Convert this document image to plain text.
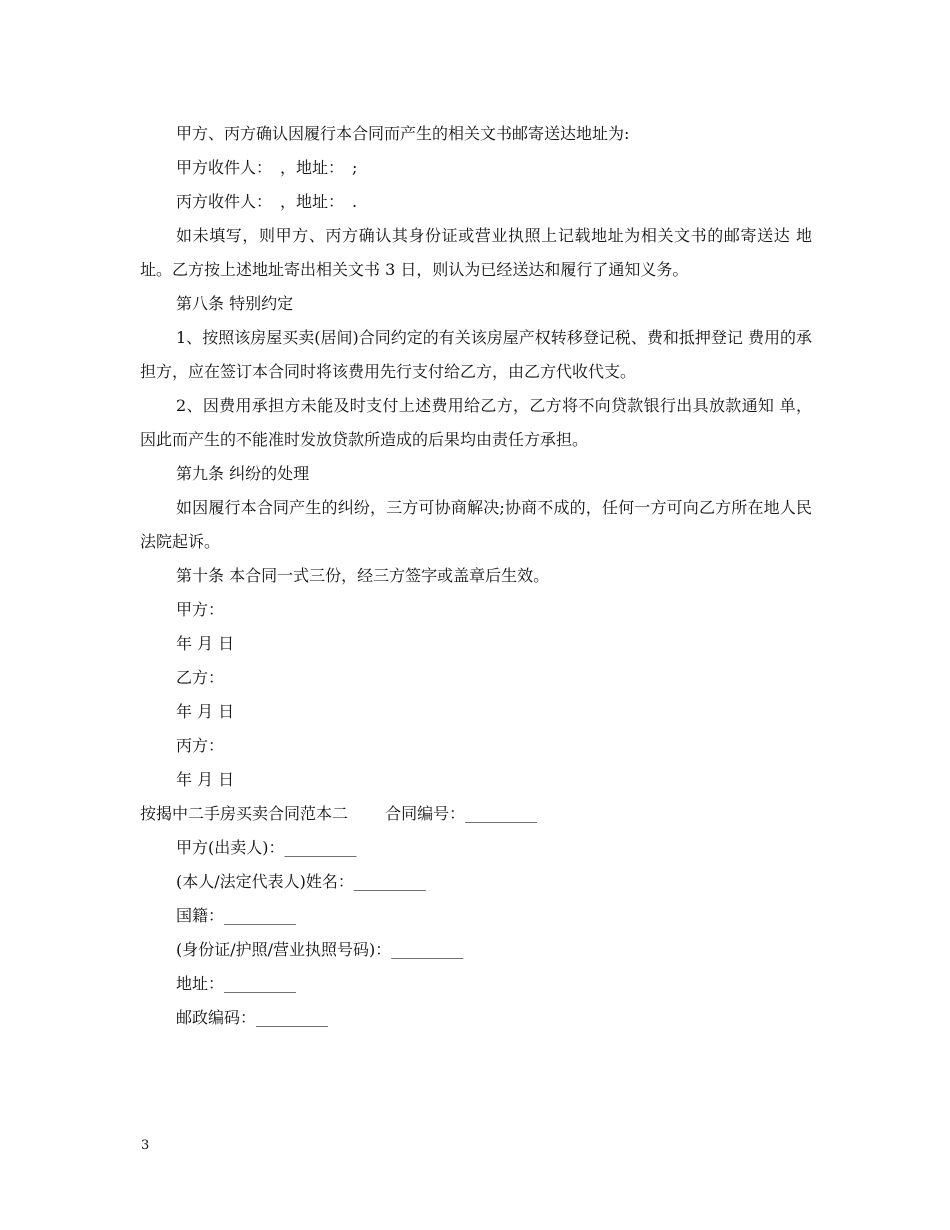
甲方、丙方确认因履行本合同而产生的相关文书邮寄送达地址为:

甲方收件人：　，地址：　;

丙方收件人：　，地址：　.

如未填写，则甲方、丙方确认其身份证或营业执照上记载地址为相关文书的邮寄送达 地址。乙方按上述地址寄出相关文书 3 日，则认为已经送达和履行了通知义务。

第八条 特别约定

1、按照该房屋买卖(居间)合同约定的有关该房屋产权转移登记税、费和抵押登记 费用的承担方，应在签订本合同时将该费用先行支付给乙方，由乙方代收代支。

2、因费用承担方未能及时支付上述费用给乙方，乙方将不向贷款银行出具放款通知 单，因此而产生的不能准时发放贷款所造成的后果均由责任方承担。

第九条 纠纷的处理

如因履行本合同产生的纠纷，三方可协商解决;协商不成的，任何一方可向乙方所在地人民法院起诉。

第十条 本合同一式三份，经三方签字或盖章后生效。

甲方：

年 月 日

乙方：

年 月 日

丙方：

年 月 日

按揭中二手房买卖合同范本二　　 合同编号：_________

甲方(出卖人)：_________

(本人/法定代表人)姓名：_________

国籍：_________

(身份证/护照/营业执照号码)：_________

地址：_________

邮政编码：_________

3
